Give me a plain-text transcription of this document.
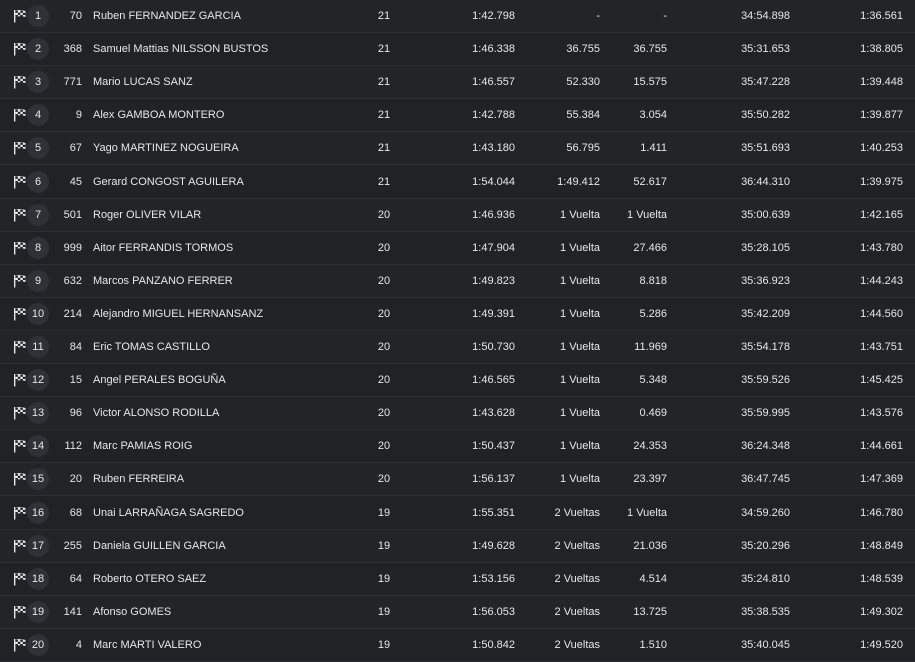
1	70 Ruben FERNANDEZ GARCIA	21	1:42.798	-	-	34:54.898	1:36.561
2	368 Samuel Mattias NILSSON BUSTOS	21	1:46.338	36.755	36.755	35:31.653	1:38.805
3	771 Mario LUCAS SANZ	21	1:46.557	52.330	15.575	35:47.228	1:39.448
4	9 Alex GAMBOA MONTERO	21	1:42.788	55.384	3.054	35:50.282	1:39.877
5	67 Yago MARTINEZ NOGUEIRA	21	1:43.180	56.795	1.411	35:51.693	1:40.253
6	45 Gerard CONGOST AGUILERA	21	1:54.044	1:49.412	52.617	36:44.310	1:39.975
7	501 Roger OLIVER VILAR	20	1:46.936	1 Vuelta	1 Vuelta	35:00.639	1:42.165
8	999 Aitor FERRANDIS TORMOS	20	1:47.904	1 Vuelta	27.466	35:28.105	1:43.780
9	632 Marcos PANZANO FERRER	20	1:49.823	1 Vuelta	8.818	35:36.923	1:44.243
10	214 Alejandro MIGUEL HERNANSANZ	20	1:49.391	1 Vuelta	5.286	35:42.209	1:44.560
11	84 Eric TOMAS CASTILLO	20	1:50.730	1 Vuelta	11.969	35:54.178	1:43.751
12	15 Angel PERALES BOGUÑA	20	1:46.565	1 Vuelta	5.348	35:59.526	1:45.425
13	96 Victor ALONSO RODILLA	20	1:43.628	1 Vuelta	0.469	35:59.995	1:43.576
14	112 Marc PAMIAS ROIG	20	1:50.437	1 Vuelta	24.353	36:24.348	1:44.661
15	20 Ruben FERREIRA	20	1:56.137	1 Vuelta	23.397	36:47.745	1:47.369
16	68 Unai LARRAÑAGA SAGREDO	19	1:55.351	2 Vueltas	1 Vuelta	34:59.260	1:46.780
17	255 Daniela GUILLEN GARCIA	19	1:49.628	2 Vueltas	21.036	35:20.296	1:48.849
18	64 Roberto OTERO SAEZ	19	1:53.156	2 Vueltas	4.514	35:24.810	1:48.539
19	141 Afonso GOMES	19	1:56.053	2 Vueltas	13.725	35:38.535	1:49.302
20	4 Marc MARTI VALERO	19	1:50.842	2 Vueltas	1.510	35:40.045	1:49.520
